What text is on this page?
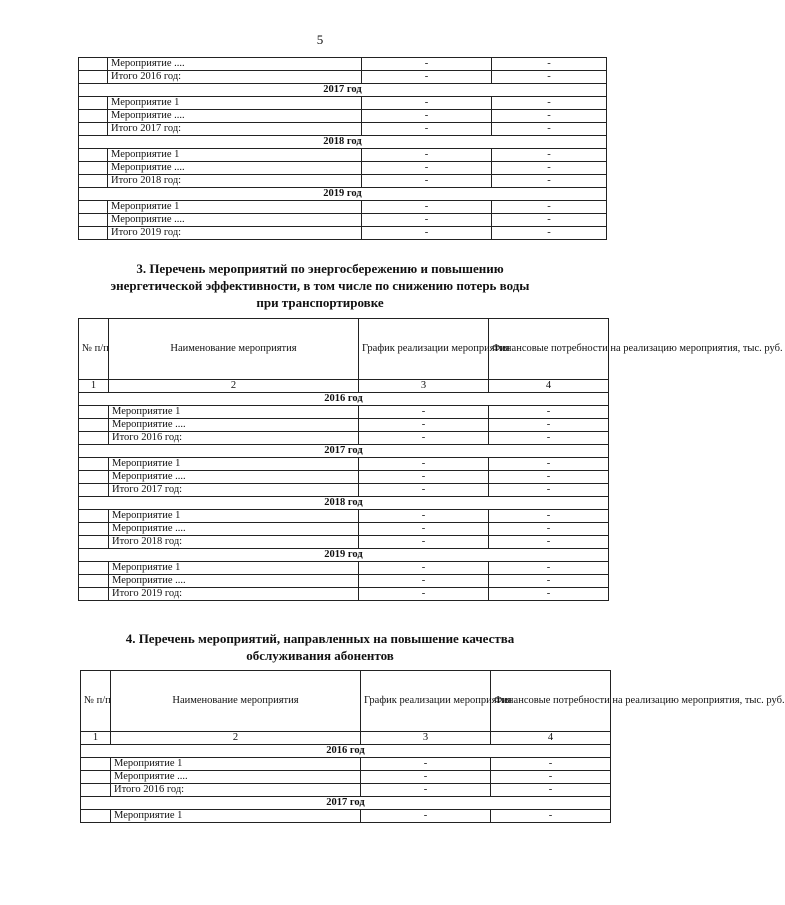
5
	Мероприятие ....	-	-
	Итого 2016 год:	-	-
2017 год			
	Мероприятие 1	-	-
	Мероприятие ....	-	-
	Итого 2017 год:	-	-
2018 год			
	Мероприятие 1	-	-
	Мероприятие ....	-	-
	Итого 2018 год:	-	-
2019 год			
	Мероприятие 1	-	-
	Мероприятие ....	-	-
	Итого 2019 год:	-	-
3. Перечень мероприятий по энергосбережению и повышению
энергетической эффективности, в том числе по снижению потерь воды
при транспортировке
№ п/п	Наименование мероприятия	График реализации мероприятия	Финансовые потребности на реализацию мероприятия, тыс. руб.
1	2	3	4
2016 год			
	Мероприятие 1	-	-
	Мероприятие ....	-	-
	Итого 2016 год:	-	-
2017 год			
	Мероприятие 1	-	-
	Мероприятие ....	-	-
	Итого 2017 год:	-	-
2018 год			
	Мероприятие 1	-	-
	Мероприятие ....	-	-
	Итого 2018 год:	-	-
2019 год			
	Мероприятие 1	-	-
	Мероприятие ....	-	-
	Итого 2019 год:	-	-
4. Перечень мероприятий, направленных на повышение качества
обслуживания абонентов
№ п/п	Наименование мероприятия	График реализации мероприятия	Финансовые потребности на реализацию мероприятия, тыс. руб.
1	2	3	4
2016 год			
	Мероприятие 1	-	-
	Мероприятие ....	-	-
	Итого 2016 год:	-	-
2017 год			
	Мероприятие 1	-	-
